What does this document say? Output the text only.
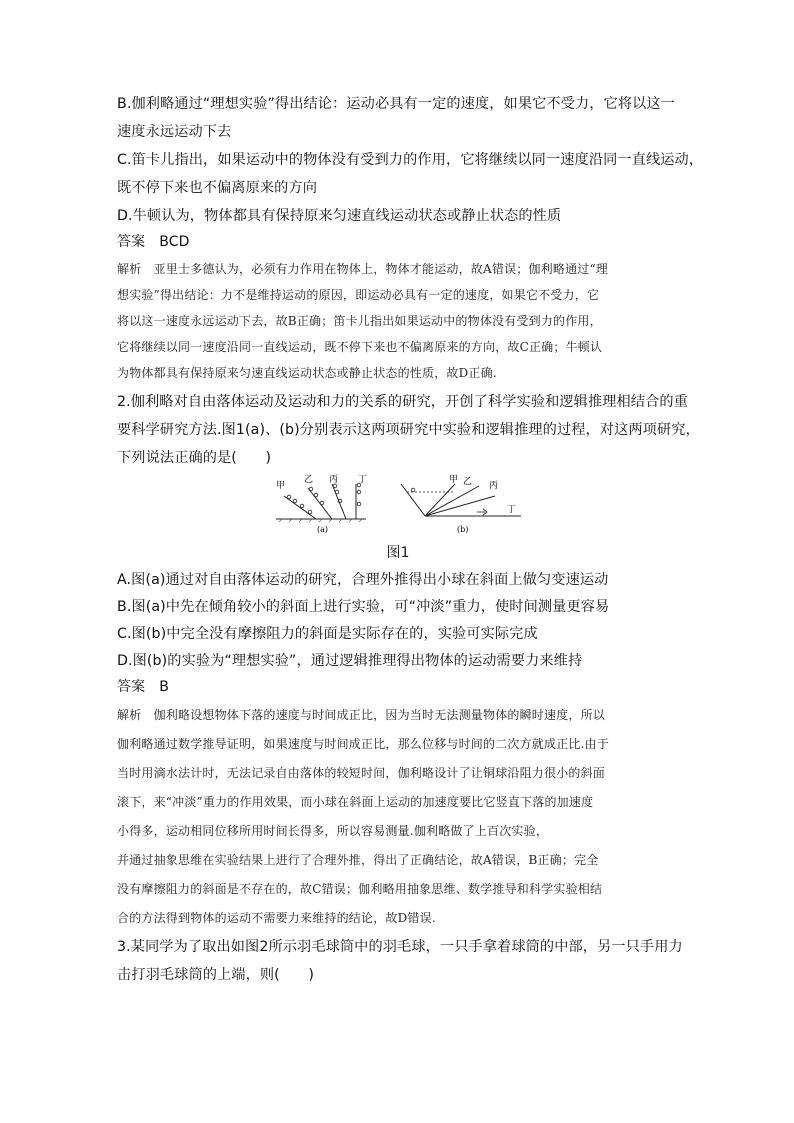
B.伽利略通过“理想实验”得出结论：运动必具有一定的速度，如果它不受力，它将以这一
速度永远运动下去
C.笛卡儿指出，如果运动中的物体没有受到力的作用，它将继续以同一速度沿同一直线运动，
既不停下来也不偏离原来的方向
D.牛顿认为，物体都具有保持原来匀速直线运动状态或静止状态的性质
答案　BCD
解析　亚里士多德认为，必须有力作用在物体上，物体才能运动，故A错误；伽利略通过“理
想实验”得出结论：力不是维持运动的原因，即运动必具有一定的速度，如果它不受力，它
将以这一速度永远运动下去，故B正确；笛卡儿指出如果运动中的物体没有受到力的作用，
它将继续以同一速度沿同一直线运动，既不停下来也不偏离原来的方向，故C正确；牛顿认
为物体都具有保持原来匀速直线运动状态或静止状态的性质，故D正确.
2.伽利略对自由落体运动及运动和力的关系的研究，开创了科学实验和逻辑推理相结合的重
要科学研究方法.图1(a)、(b)分别表示这两项研究中实验和逻辑推理的过程，对这两项研究，
下列说法正确的是(　　)
甲
乙 丙 丁
(a)
甲 乙 丙
丁
(b)
图1
A.图(a)通过对自由落体运动的研究，合理外推得出小球在斜面上做匀变速运动
B.图(a)中先在倾角较小的斜面上进行实验，可“冲淡”重力，使时间测量更容易
C.图(b)中完全没有摩擦阻力的斜面是实际存在的，实验可实际完成
D.图(b)的实验为“理想实验”，通过逻辑推理得出物体的运动需要力来维持
答案　B
解析　伽利略设想物体下落的速度与时间成正比，因为当时无法测量物体的瞬时速度，所以
伽利略通过数学推导证明，如果速度与时间成正比，那么位移与时间的二次方就成正比.由于
当时用滴水法计时，无法记录自由落体的较短时间，伽利略设计了让铜球沿阻力很小的斜面
滚下，来“冲淡”重力的作用效果，而小球在斜面上运动的加速度要比它竖直下落的加速度
小得多，运动相同位移所用时间长得多，所以容易测量.伽利略做了上百次实验，
并通过抽象思维在实验结果上进行了合理外推，得出了正确结论，故A错误，B正确；完全
没有摩擦阻力的斜面是不存在的，故C错误；伽利略用抽象思维、数学推导和科学实验相结
合的方法得到物体的运动不需要力来维持的结论，故D错误.
3.某同学为了取出如图2所示羽毛球筒中的羽毛球，一只手拿着球筒的中部，另一只手用力
击打羽毛球筒的上端，则(　　)
